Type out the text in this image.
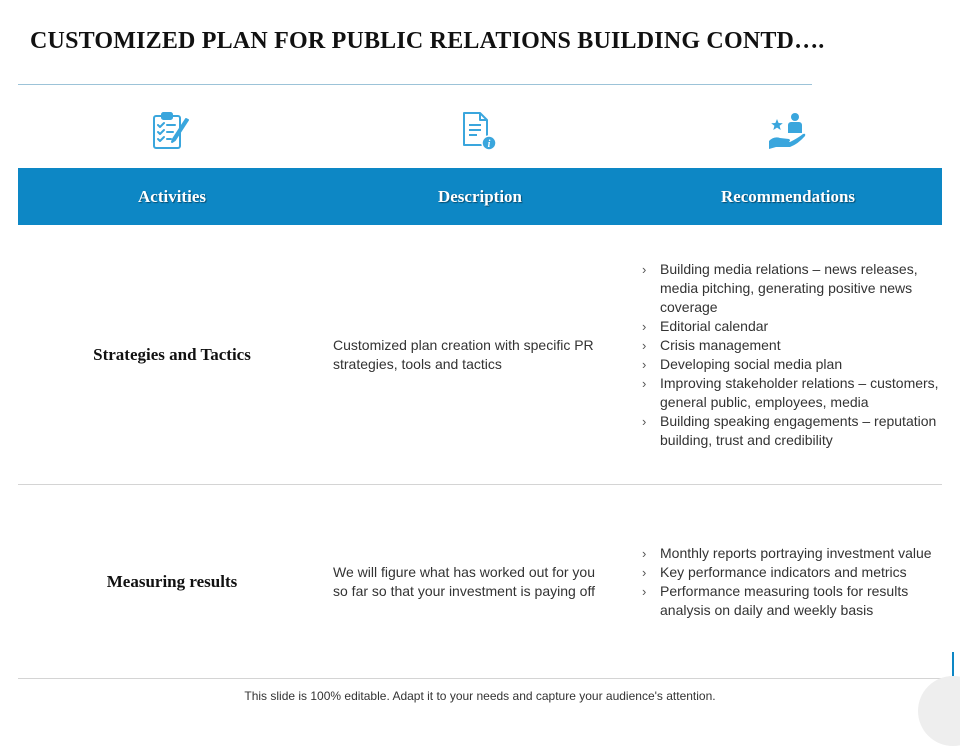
CUSTOMIZED PLAN FOR PUBLIC RELATIONS BUILDING CONTD….
i
Activities	Description	Recommendations
Strategies and Tactics	Customized plan creation with specific PR strategies, tools and tactics
› Building media relations – news releases, media pitching, generating positive news coverage
› Editorial calendar
› Crisis management
› Developing social media plan
› Improving stakeholder relations – customers, general public, employees, media
› Building speaking engagements – reputation building, trust and credibility
Measuring results	We will figure what has worked out for you so far so that your investment is paying off
› Monthly reports portraying investment value
› Key performance indicators and metrics
› Performance measuring tools for results analysis on daily and weekly basis
This slide is 100% editable. Adapt it to your needs and capture your audience's attention.
